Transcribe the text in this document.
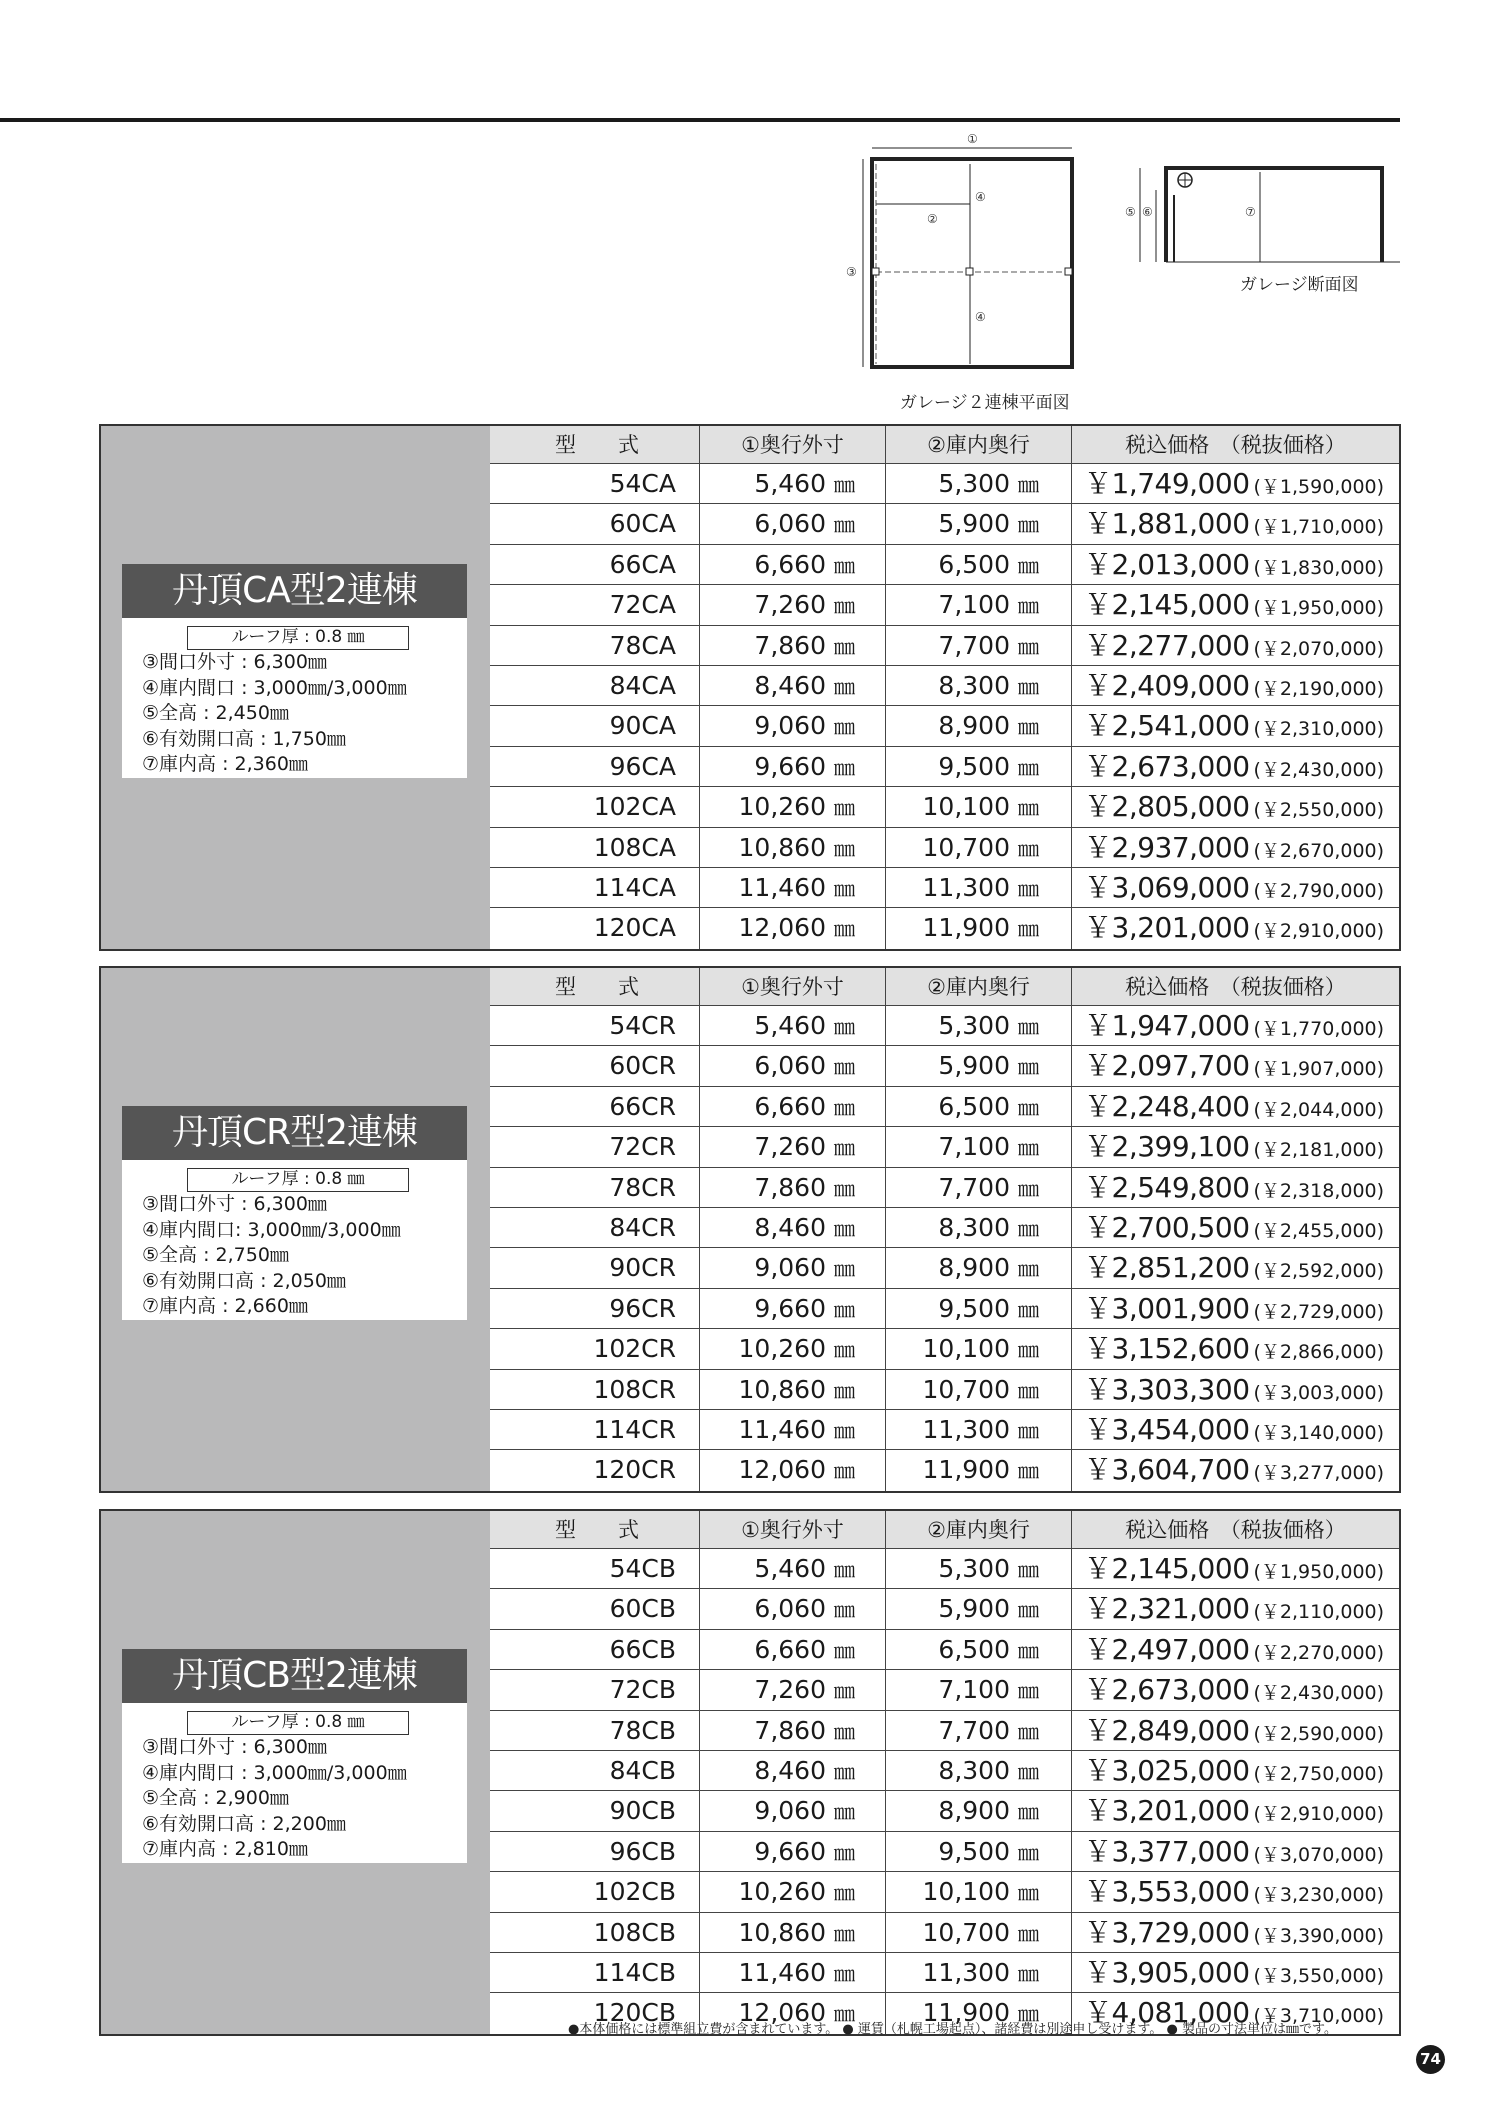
①
②
③
④
④
ガレージ２連棟平面図
⑤ ⑥	⑦
ガレージ断面図
丹頂CA型2連棟
ルーフ厚 : 0.8 ㎜
③間口外寸 : 6,300㎜
④庫内間口 : 3,000㎜/3,000㎜
⑤全高 : 2,450㎜
⑥有効開口高 : 1,750㎜
⑦庫内高 : 2,360㎜
型　　式	①奥行外寸	②庫内奥行	税込価格　（税抜価格）
54CA	5,460 ㎜	5,300 ㎜	￥1,749,000 (￥1,590,000)
60CA	6,060 ㎜	5,900 ㎜	￥1,881,000 (￥1,710,000)
66CA	6,660 ㎜	6,500 ㎜	￥2,013,000 (￥1,830,000)
72CA	7,260 ㎜	7,100 ㎜	￥2,145,000 (￥1,950,000)
78CA	7,860 ㎜	7,700 ㎜	￥2,277,000 (￥2,070,000)
84CA	8,460 ㎜	8,300 ㎜	￥2,409,000 (￥2,190,000)
90CA	9,060 ㎜	8,900 ㎜	￥2,541,000 (￥2,310,000)
96CA	9,660 ㎜	9,500 ㎜	￥2,673,000 (￥2,430,000)
102CA	10,260 ㎜	10,100 ㎜	￥2,805,000 (￥2,550,000)
108CA	10,860 ㎜	10,700 ㎜	￥2,937,000 (￥2,670,000)
114CA	11,460 ㎜	11,300 ㎜	￥3,069,000 (￥2,790,000)
120CA	12,060 ㎜	11,900 ㎜	￥3,201,000 (￥2,910,000)
丹頂CR型2連棟
ルーフ厚 : 0.8 ㎜
③間口外寸 : 6,300㎜
④庫内間口: 3,000㎜/3,000㎜
⑤全高 : 2,750㎜
⑥有効開口高 : 2,050㎜
⑦庫内高 : 2,660㎜
型　　式	①奥行外寸	②庫内奥行	税込価格　（税抜価格）
54CR	5,460 ㎜	5,300 ㎜	￥1,947,000 (￥1,770,000)
60CR	6,060 ㎜	5,900 ㎜	￥2,097,700 (￥1,907,000)
66CR	6,660 ㎜	6,500 ㎜	￥2,248,400 (￥2,044,000)
72CR	7,260 ㎜	7,100 ㎜	￥2,399,100 (￥2,181,000)
78CR	7,860 ㎜	7,700 ㎜	￥2,549,800 (￥2,318,000)
84CR	8,460 ㎜	8,300 ㎜	￥2,700,500 (￥2,455,000)
90CR	9,060 ㎜	8,900 ㎜	￥2,851,200 (￥2,592,000)
96CR	9,660 ㎜	9,500 ㎜	￥3,001,900 (￥2,729,000)
102CR	10,260 ㎜	10,100 ㎜	￥3,152,600 (￥2,866,000)
108CR	10,860 ㎜	10,700 ㎜	￥3,303,300 (￥3,003,000)
114CR	11,460 ㎜	11,300 ㎜	￥3,454,000 (￥3,140,000)
120CR	12,060 ㎜	11,900 ㎜	￥3,604,700 (￥3,277,000)
丹頂CB型2連棟
ルーフ厚 : 0.8 ㎜
③間口外寸 : 6,300㎜
④庫内間口 : 3,000㎜/3,000㎜
⑤全高 : 2,900㎜
⑥有効開口高 : 2,200㎜
⑦庫内高 : 2,810㎜
型　　式	①奥行外寸	②庫内奥行	税込価格　（税抜価格）
54CB	5,460 ㎜	5,300 ㎜	￥2,145,000 (￥1,950,000)
60CB	6,060 ㎜	5,900 ㎜	￥2,321,000 (￥2,110,000)
66CB	6,660 ㎜	6,500 ㎜	￥2,497,000 (￥2,270,000)
72CB	7,260 ㎜	7,100 ㎜	￥2,673,000 (￥2,430,000)
78CB	7,860 ㎜	7,700 ㎜	￥2,849,000 (￥2,590,000)
84CB	8,460 ㎜	8,300 ㎜	￥3,025,000 (￥2,750,000)
90CB	9,060 ㎜	8,900 ㎜	￥3,201,000 (￥2,910,000)
96CB	9,660 ㎜	9,500 ㎜	￥3,377,000 (￥3,070,000)
102CB	10,260 ㎜	10,100 ㎜	￥3,553,000 (￥3,230,000)
108CB	10,860 ㎜	10,700 ㎜	￥3,729,000 (￥3,390,000)
114CB	11,460 ㎜	11,300 ㎜	￥3,905,000 (￥3,550,000)
120CB	12,060 ㎜	11,900 ㎜	￥4,081,000 (￥3,710,000)
●本体価格には標準組立費が含まれています。 ● 運賃（札幌工場起点）、諸経費は別途申し受けます。 ● 製品の寸法単位は㎜です。
74
